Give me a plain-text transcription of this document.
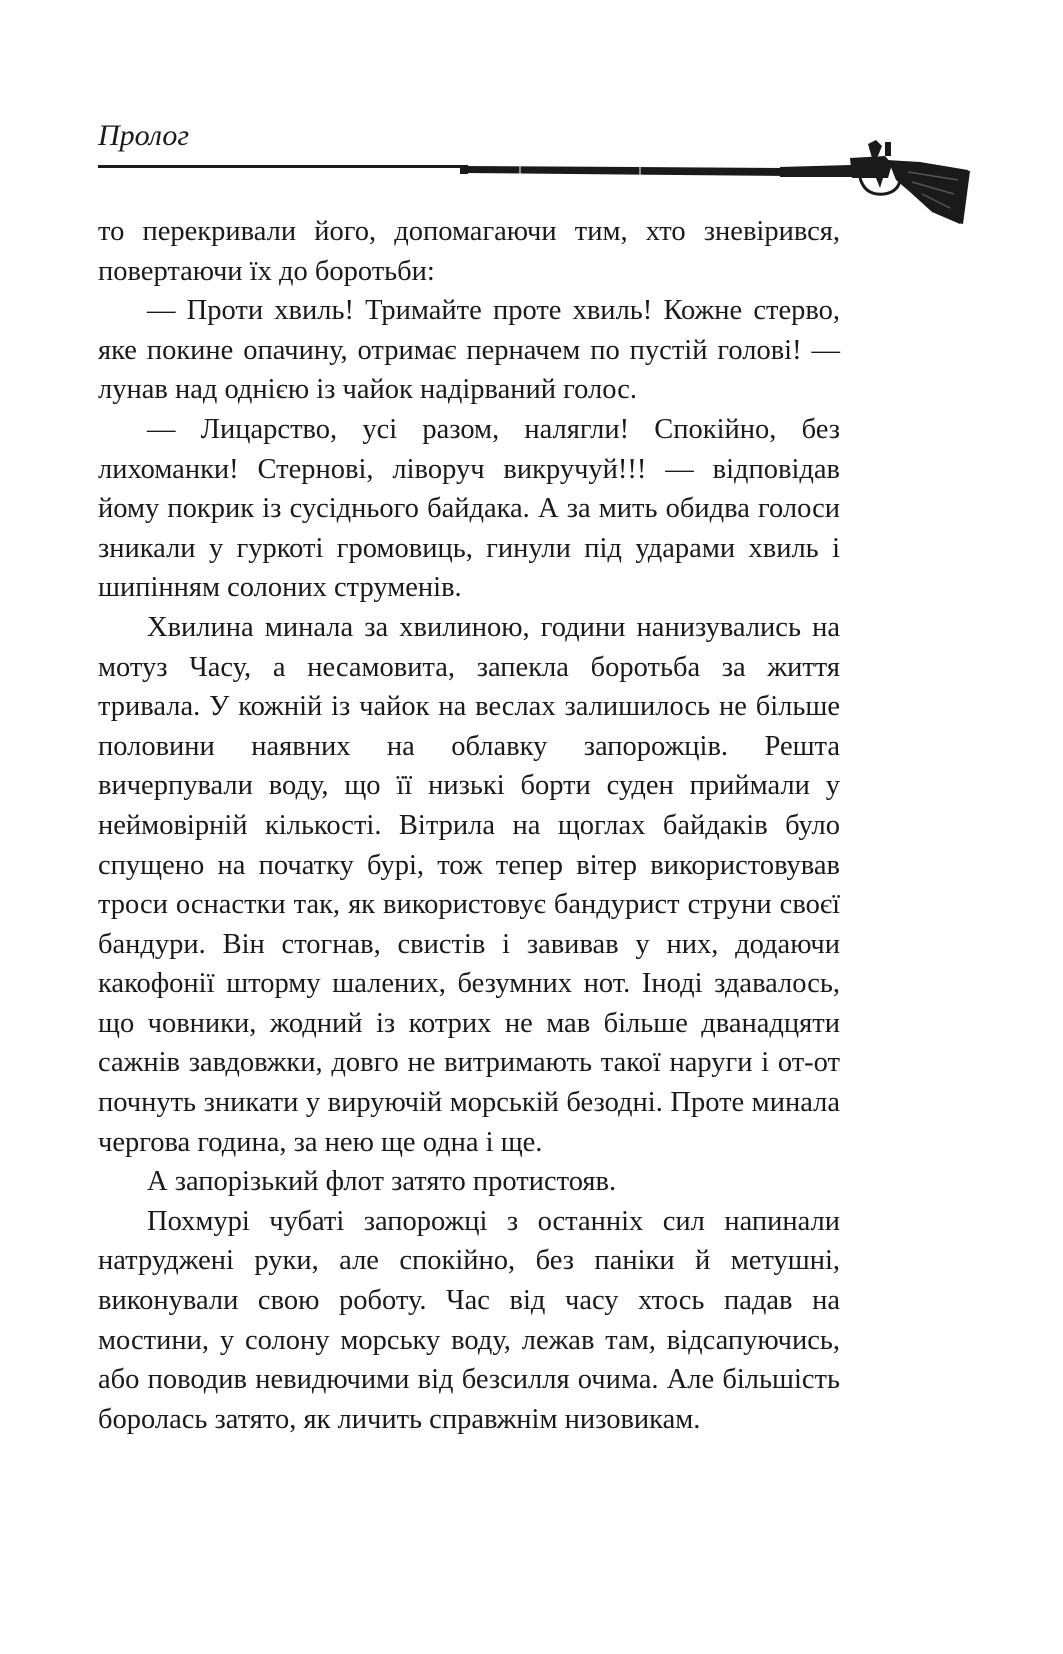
Пролог

то перекривали його, допомагаючи тим, хто зневірився, повертаючи їх до боротьби:

— Проти хвиль! Тримайте проте хвиль! Кожне стерво, яке покине опачину, отримає перначем по пустій голові! — лунав над однією із чайок надірваний голос.

— Лицарство, усі разом, налягли! Спокійно, без лихоманки! Стернові, ліворуч викручуй!!! — відповідав йому покрик із сусіднього байдака. А за мить обидва голоси зникали у гуркоті громовиць, гинули під ударами хвиль і шипінням солоних струменів.

Хвилина минала за хвилиною, години нанизувались на мотуз Часу, а несамовита, запекла боротьба за життя тривала. У кожній із чайок на веслах залишилось не більше половини наявних на облавку запорожців. Решта вичерпували воду, що її низькі борти суден приймали у неймовірній кількості. Вітрила на щоглах байдаків було спущено на початку бурі, тож тепер вітер використовував троси оснастки так, як використовує бандурист струни своєї бандури. Він стогнав, свистів і завивав у них, додаючи какофонії шторму шалених, безумних нот. Іноді здавалось, що човники, жодний із котрих не мав більше дванадцяти сажнів завдовжки, довго не витримають такої наруги і от-от почнуть зникати у вируючій морській безодні. Проте минала чергова година, за нею ще одна і ще.

А запорізький флот затято протистояв.

Похмурі чубаті запорожці з останніх сил напинали натруджені руки, але спокійно, без паніки й метушні, виконували свою роботу. Час від часу хтось падав на мостини, у солону морську воду, лежав там, відсапуючись, або поводив невидючими від безсилля очима. Але більшість боролась затято, як личить справжнім низовикам.
